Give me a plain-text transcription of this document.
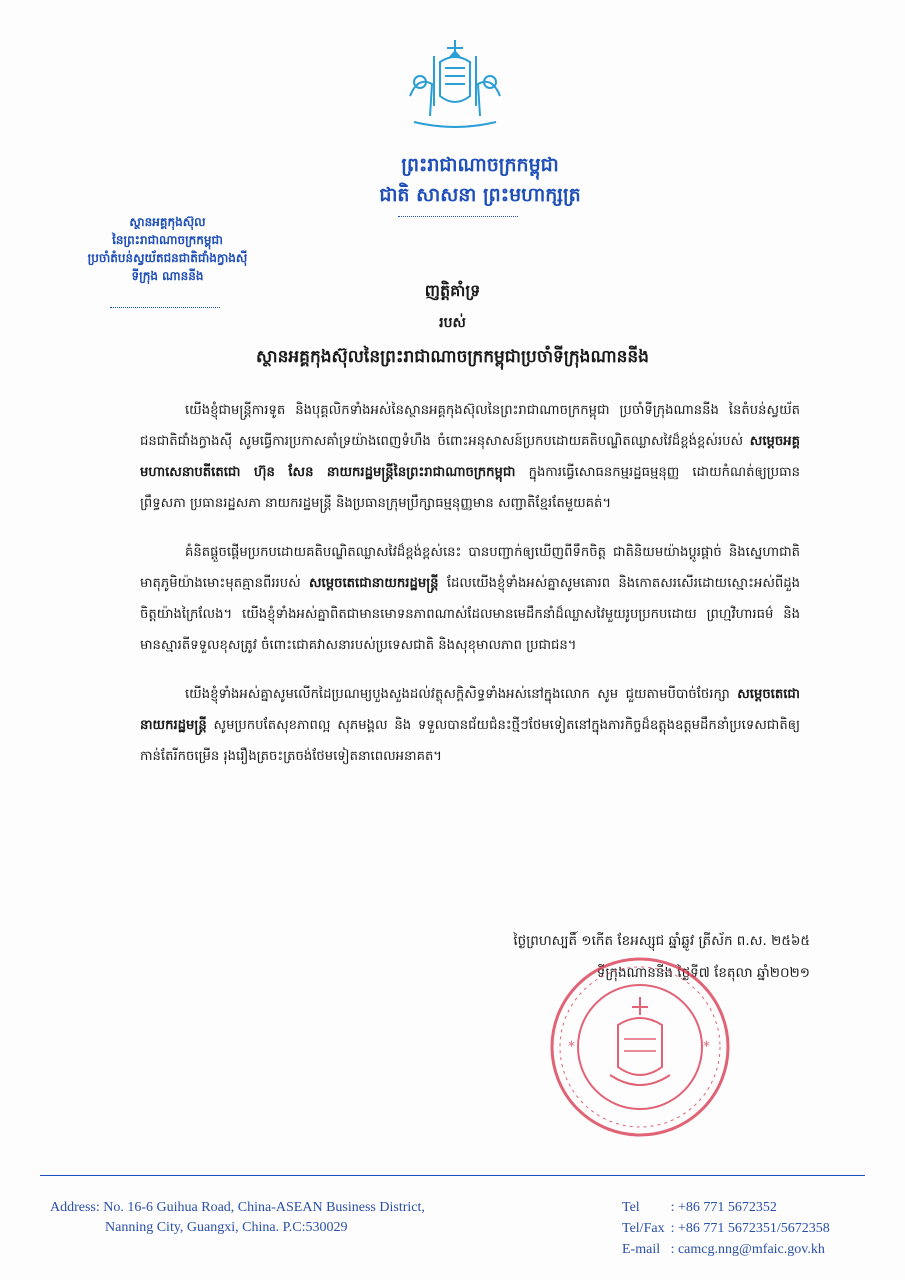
ព្រះរាជាណាចក្រកម្ពុជា
ជាតិ សាសនា ព្រះមហាក្សត្រ
ស្ថានអគ្គកុងស៊ុល
នៃព្រះរាជាណាចក្រកម្ពុជា
ប្រចាំតំបន់ស្វយ័តជនជាតិជាំងក្វាងស៊ី
ទីក្រុង ណាននីង
ញត្តិគាំទ្រ
របស់
ស្ថានអគ្គកុងស៊ុលនៃព្រះរាជាណាចក្រកម្ពុជាប្រចាំទីក្រុងណាននីង

យើងខ្ញុំជាមន្ត្រីការទូត និងបុគ្គលិកទាំងអស់នៃស្ថានអគ្គកុងស៊ុលនៃព្រះរាជាណាចក្រកម្ពុជា ប្រចាំទីក្រុងណាននីង នៃតំបន់ស្វយ័តជនជាតិជាំងក្វាងស៊ី សូមធ្វើការប្រកាសគាំទ្រយ៉ាងពេញទំហឹង ចំពោះអនុសាសន៍ប្រកបដោយគតិបណ្ឌិតឈ្លាសវៃដ៏ខ្ពង់ខ្ពស់របស់ សម្តេចអគ្គមហាសេនាបតីតេជោ ហ៊ុន សែន នាយករដ្ឋមន្ត្រីនៃព្រះរាជាណាចក្រកម្ពុជា ក្នុងការធ្វើសោធនកម្មរដ្ឋធម្មនុញ្ញ ដោយកំណត់ឲ្យប្រធានព្រឹទ្ធសភា ប្រធានរដ្ឋសភា នាយករដ្ឋមន្ត្រី និងប្រធានក្រុមប្រឹក្សាធម្មនុញ្ញមាន សញ្ជាតិខ្មែរតែមួយគត់។

គំនិតផ្តួចផ្តើមប្រកបដោយគតិបណ្ឌិតឈ្លាសវៃដ៏ខ្ពង់ខ្ពស់នេះ បានបញ្ជាក់ឲ្យឃើញពីទឹកចិត្ត ជាតិនិយមយ៉ាងប្តូរផ្តាច់ និងស្នេហាជាតិមាតុភូមិយ៉ាងមោះមុតគ្មានពីររបស់ សម្តេចតេជោនាយករដ្ឋមន្ត្រី ដែលយើងខ្ញុំទាំងអស់គ្នាសូមគោរព និងកោតសរសើរដោយស្មោះអស់ពីដួងចិត្តយ៉ាងក្រៃលែង។ យើងខ្ញុំទាំងអស់គ្នាពិតជាមានមោទនភាពណាស់ដែលមានមេដឹកនាំដ៏ឈ្លាសវៃមួយរូបប្រកបដោយ ព្រហ្មវិហារធម៌ និងមានស្មារតីទទួលខុសត្រូវ ចំពោះជោគវាសនារបស់ប្រទេសជាតិ និងសុខុមាលភាព ប្រជាជន។

យើងខ្ញុំទាំងអស់គ្នាសូមលើកដៃប្រណម្យបួងសួងដល់វត្ថុសក្តិសិទ្ធទាំងអស់នៅក្នុងលោក សូម ជួយតាមបីបាច់ថែរក្សា សម្តេចតេជោនាយករដ្ឋមន្ត្រី សូមប្រកបតែសុខភាពល្អ សុភមង្គល និង ទទួលបានជ័យជំនះថ្មីៗថែមទៀតនៅក្នុងភារកិច្ចដ៏ឧត្តុងឧត្តមដឹកនាំប្រទេសជាតិឲ្យកាន់តែរីកចម្រើន រុងរឿងត្រចះត្រចង់ថែមទៀតនាពេលអនាគត។

ថ្ងៃព្រហស្បតិ៍ ១កើត ខែអស្សុជ ឆ្នាំឆ្លូវ ត្រីស័ក ព.ស. ២៥៦៥
ទីក្រុងណាននីង ថ្ងៃទី៧ ខែតុលា ឆ្នាំ២០២១
*	*
Address: No. 16-6 Guihua Road, China-ASEAN Business District,
Nanning City, Guangxi, China. P.C:530029
Tel	: +86 771 5672352
Tel/Fax	: +86 771 5672351/5672358
E-mail	: camcg.nng@mfaic.gov.kh
